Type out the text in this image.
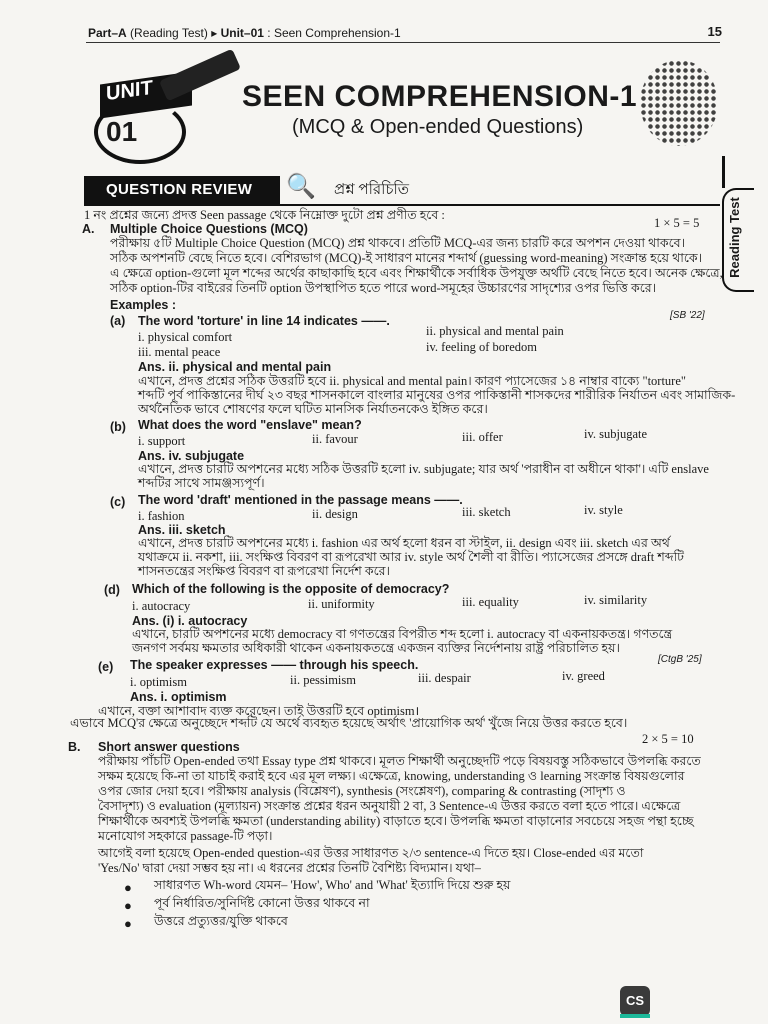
Part–A (Reading Test) ▸ Unit–01 : Seen Comprehension-1	15
UNIT
01
SEEN COMPREHENSION-1
(MCQ & Open-ended Questions)
Reading Test
QUESTION REVIEW 🔍	প্রশ্ন পরিচিতি
1 নং প্রশ্নের জন্যে প্রদত্ত Seen passage থেকে নিম্নোক্ত দুটো প্রশ্ন প্রণীত হবে :
A. Multiple Choice Questions (MCQ)	1 × 5 = 5
পরীক্ষায় ৫টি Multiple Choice Question (MCQ) প্রশ্ন থাকবে। প্রতিটি MCQ-এর জন্য চারটি করে অপশন দেওয়া থাকবে।
সঠিক অপশনটি বেছে নিতে হবে। বেশিরভাগ (MCQ)-ই সাধারণ মানের শব্দার্থ (guessing word-meaning) সংক্রান্ত হয়ে থাকে।
এ ক্ষেত্রে option-গুলো মূল শব্দের অর্থের কাছাকাছি হবে এবং শিক্ষার্থীকে সর্বাধিক উপযুক্ত অর্থটি বেছে নিতে হবে। অনেক ক্ষেত্রে,
সঠিক option-টির বাইরের তিনটি option উপস্থাপিত হতে পারে word-সমূহের উচ্চারণের সাদৃশ্যের ওপর ভিত্তি করে।
Examples :
(a) The word 'torture' in line 14 indicates ——.	[SB '22]
i. physical comfort	ii. physical and mental pain
iii. mental peace	iv. feeling of boredom
Ans. ii. physical and mental pain
এখানে, প্রদত্ত প্রশ্নের সঠিক উত্তরটি হবে ii. physical and mental pain। কারণ প্যাসেজের ১৪ নাম্বার বাক্যে "torture"
শব্দটি পূর্ব পাকিস্তানের দীর্ঘ ২৩ বছর শাসনকালে বাংলার মানুষের ওপর পাকিস্তানী শাসকদের শারীরিক নির্যাতন এবং সামাজিক-
অর্থনৈতিক ভাবে শোষণের ফলে ঘটিত মানসিক নির্যাতনকেও ইঙ্গিত করে।
(b) What does the word "enslave" mean?
i. support	ii. favour	iii. offer	iv. subjugate
Ans. iv. subjugate
এখানে, প্রদত্ত চারটি অপশনের মধ্যে সঠিক উত্তরটি হলো iv. subjugate; যার অর্থ 'পরাধীন বা অধীনে থাকা'। এটি enslave
শব্দটির সাথে সামঞ্জস্যপূর্ণ।
(c) The word 'draft' mentioned in the passage means ——.
i. fashion	ii. design	iii. sketch	iv. style
Ans. iii. sketch
এখানে, প্রদত্ত চারটি অপশনের মধ্যে i. fashion এর অর্থ হলো ধরন বা স্টাইল, ii. design এবং iii. sketch এর অর্থ
যথাক্রমে ii. নকশা, iii. সংক্ষিপ্ত বিবরণ বা রূপরেখা আর iv. style অর্থ শৈলী বা রীতি। প্যাসেজের প্রসঙ্গে draft শব্দটি
শাসনতন্ত্রের সংক্ষিপ্ত বিবরণ বা রূপরেখা নির্দেশ করে।
(d) Which of the following is the opposite of democracy?
i. autocracy	ii. uniformity	iii. equality	iv. similarity
Ans. (i) i. autocracy
এখানে, চারটি অপশনের মধ্যে democracy বা গণতন্ত্রের বিপরীত শব্দ হলো i. autocracy বা একনায়কতন্ত্র। গণতন্ত্রে
জনগণ সর্বময় ক্ষমতার অধিকারী থাকেন একনায়কতন্ত্রে একজন ব্যক্তির নির্দেশনায় রাষ্ট্র পরিচালিত হয়।
(e) The speaker expresses —— through his speech.	[CtgB '25]
i. optimism	ii. pessimism	iii. despair	iv. greed
Ans. i. optimism
এখানে, বক্তা আশাবাদ ব্যক্ত করেছেন। তাই উত্তরটি হবে optimism।
এভাবে MCQ'র ক্ষেত্রে অনুচ্ছেদে শব্দটি যে অর্থে ব্যবহৃত হয়েছে অর্থাৎ 'প্রায়োগিক অর্থ' খুঁজে নিয়ে উত্তর করতে হবে।
B. Short answer questions
2 × 5 = 10
পরীক্ষায় পাঁচটি Open-ended তথা Essay type প্রশ্ন থাকবে। মূলত শিক্ষার্থী অনুচ্ছেদটি পড়ে বিষয়বস্তু সঠিকভাবে উপলব্ধি করতে
সক্ষম হয়েছে কি-না তা যাচাই করাই হবে এর মূল লক্ষ্য। এক্ষেত্রে, knowing, understanding ও learning সংক্রান্ত বিষয়গুলোর
ওপর জোর দেয়া হবে। পরীক্ষায় analysis (বিশ্লেষণ), synthesis (সংশ্লেষণ), comparing & contrasting (সাদৃশ্য ও
বৈসাদৃশ্য) ও evaluation (মূল্যায়ন) সংক্রান্ত প্রশ্নের ধরন অনুযায়ী 2 বা, 3 Sentence-এ উত্তর করতে বলা হতে পারে। এক্ষেত্রে
শিক্ষার্থীকে অবশ্যই উপলব্ধি ক্ষমতা (understanding ability) বাড়াতে হবে। উপলব্ধি ক্ষমতা বাড়ানোর সবচেয়ে সহজ পন্থা হচ্ছে
মনোযোগ সহকারে passage-টি পড়া।
আগেই বলা হয়েছে Open-ended question-এর উত্তর সাধারণত ২/৩ sentence-এ দিতে হয়। Close-ended এর মতো
'Yes/No' দ্বারা দেয়া সম্ভব হয় না। এ ধরনের প্রশ্নের তিনটি বৈশিষ্ট্য বিদ্যমান। যথা–
● সাধারণত Wh-word যেমন– 'How', Who' and 'What' ইত্যাদি দিয়ে শুরু হয়
● পূর্ব নির্ধারিত/সুনির্দিষ্ট কোনো উত্তর থাকবে না
● উত্তরে প্রত্যুত্তর/যুক্তি থাকবে
CS
